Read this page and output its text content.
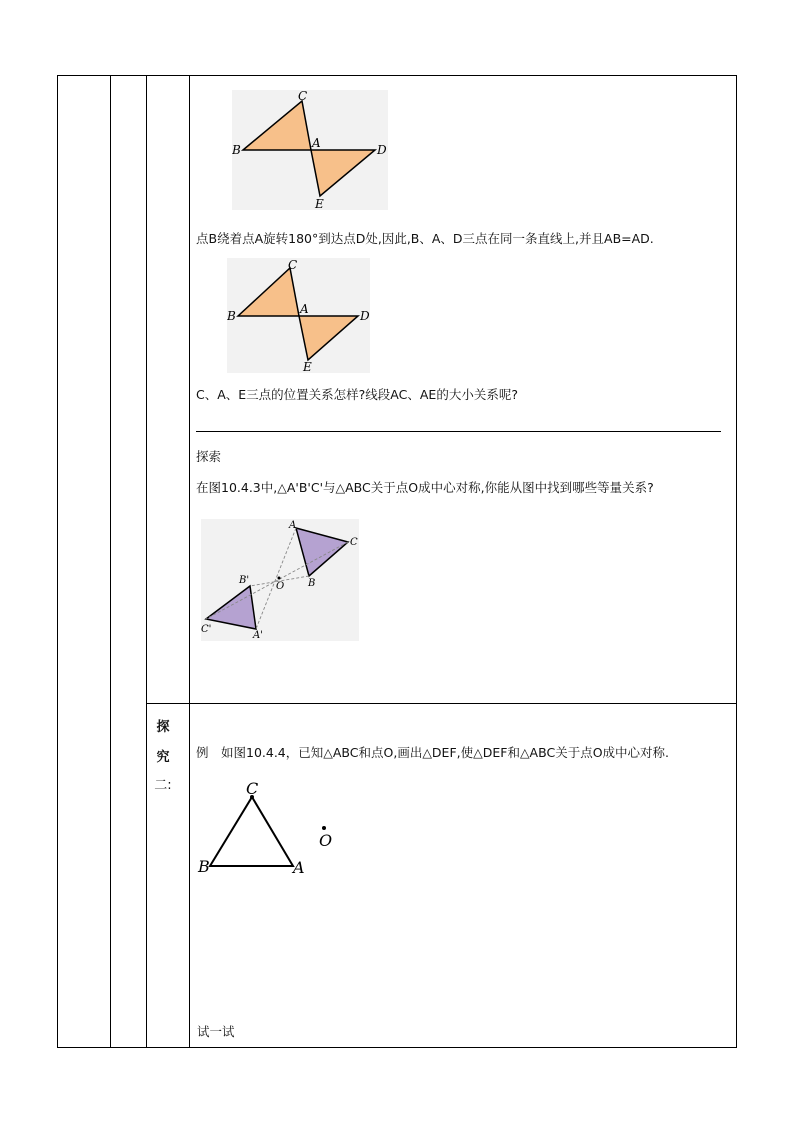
C
B	A	D
E
点B绕着点A旋转180°到达点D处,因此,B、A、D三点在同一条直线上,并且AB=AD.
C
B	A	D
E
C、A、E三点的位置关系怎样?线段AC、AE的大小关系呢?
探索
在图10.4.3中,△A'B'C'与△ABC关于点O成中心对称,你能从图中找到哪些等量关系?
A
C
B
O
B'
C'
A'
探
究
二:
例　如图10.4.4，已知△ABC和点O,画出△DEF,使△DEF和△ABC关于点O成中心对称.
C
B	A
O
试一试
